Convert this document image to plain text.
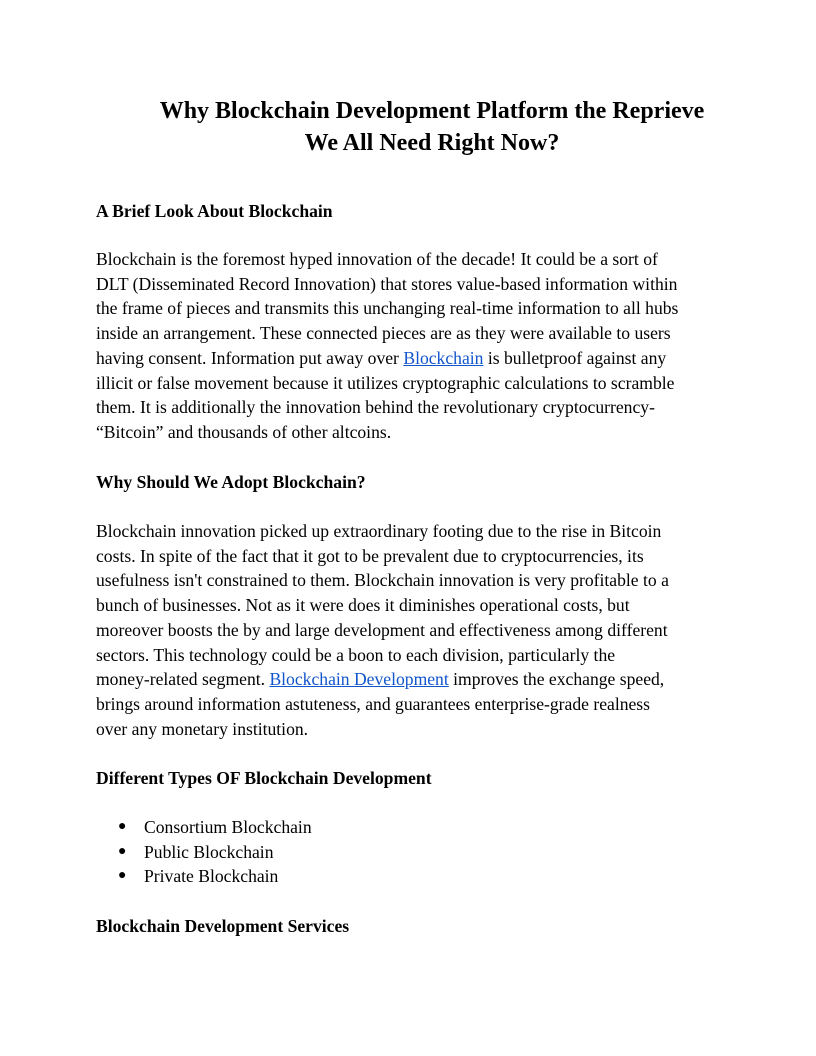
Why Blockchain Development Platform the Reprieve
We All Need Right Now?
A Brief Look About Blockchain
Blockchain is the foremost hyped innovation of the decade! It could be a sort of
DLT (Disseminated Record Innovation) that stores value-based information within
the frame of pieces and transmits this unchanging real-time information to all hubs
inside an arrangement. These connected pieces are as they were available to users
having consent. Information put away over Blockchain is bulletproof against any
illicit or false movement because it utilizes cryptographic calculations to scramble
them. It is additionally the innovation behind the revolutionary cryptocurrency-
“Bitcoin” and thousands of other altcoins.
Why Should We Adopt Blockchain?
Blockchain innovation picked up extraordinary footing due to the rise in Bitcoin
costs. In spite of the fact that it got to be prevalent due to cryptocurrencies, its
usefulness isn't constrained to them. Blockchain innovation is very profitable to a
bunch of businesses. Not as it were does it diminishes operational costs, but
moreover boosts the by and large development and effectiveness among different
sectors. This technology could be a boon to each division, particularly the
money-related segment. Blockchain Development improves the exchange speed,
brings around information astuteness, and guarantees enterprise-grade realness
over any monetary institution.
Different Types OF Blockchain Development
● Consortium Blockchain
● Public Blockchain
● Private Blockchain
Blockchain Development Services
